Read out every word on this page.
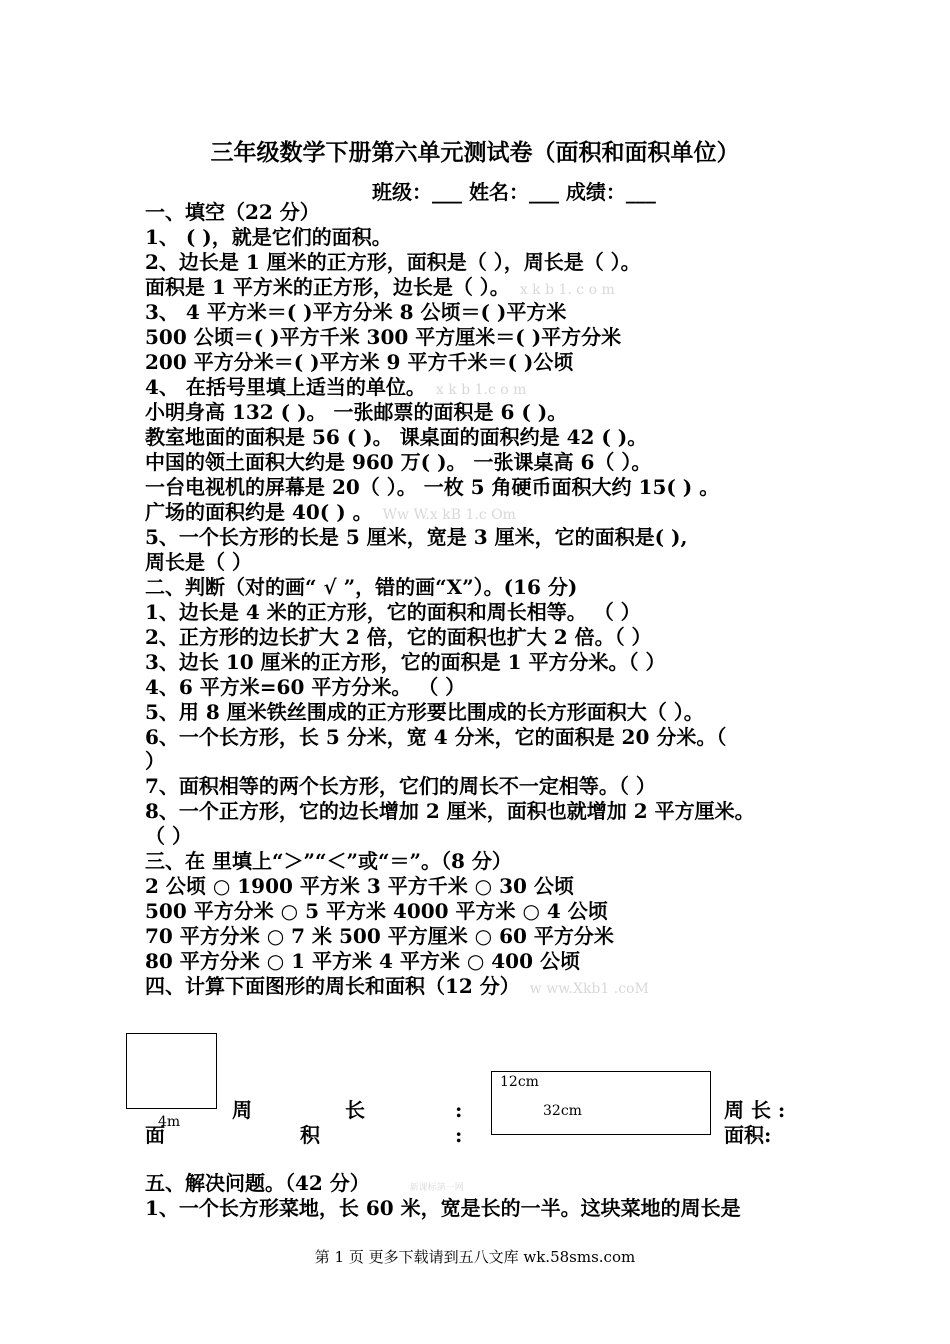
三年级数学下册第六单元测试卷（面积和面积单位）
班级：___ 姓名：___ 成绩：___
一、填空（22 分）
1、 ( )，就是它们的面积。
2、边长是 1 厘米的正方形，面积是（ ），周长是（ ）。
面积是 1 平方米的正方形，边长是（ ）。 x k b 1. c o m
3、 4 平方米＝( )平方分米 8 公顷＝( )平方米
500 公顷＝( )平方千米 300 平方厘米＝( )平方分米
200 平方分米＝( )平方米 9 平方千米＝( )公顷
4、 在括号里填上适当的单位。 x k b 1.c o m
小明身高 132 ( )。 一张邮票的面积是 6 ( )。
教室地面的面积是 56 ( )。 课桌面的面积约是 42 ( )。
中国的领土面积大约是 960 万( )。 一张课桌高 6（ ）。
一台电视机的屏幕是 20（ ）。 一枚 5 角硬币面积大约 15( ) 。
广场的面积约是 40( ) 。 Ww W.x kB 1.c Om
5、一个长方形的长是 5 厘米，宽是 3 厘米，它的面积是( ),
周长是（ ）
二、判断（对的画“ √ ”，错的画“X”）。(16 分)
1、边长是 4 米的正方形，它的面积和周长相等。 （ ）
2、正方形的边长扩大 2 倍，它的面积也扩大 2 倍。（ ）
3、边长 10 厘米的正方形，它的面积是 1 平方分米。（ ）
4、6 平方米=60 平方分米。 （ ）
5、用 8 厘米铁丝围成的正方形要比围成的长方形面积大（ ）。
6、一个长方形，长 5 分米，宽 4 分米，它的面积是 20 分米。（
）
7、面积相等的两个长方形，它们的周长不一定相等。（ ）
8、一个正方形，它的边长增加 2 厘米，面积也就增加 2 平方厘米。
（ ）
三、在 里填上“＞”“＜”或“＝”。（8 分）
2 公顷 ○ 1900 平方米 3 平方千米 ○ 30 公顷
500 平方分米 ○ 5 平方米 4000 平方米 ○ 4 公顷
70 平方分米 ○ 7 米 500 平方厘米 ○ 60 平方分米
80 平方分米 ○ 1 平方米 4 平方米 ○ 400 公顷
四、计算下面图形的周长和面积（12 分） w ww.Xkb1 .coM
4m	周	长	:
面	积	:
12cm
32cm	周 长 :
面积:
五、解决问题。（42 分）	新课标第一网
1、一个长方形菜地，长 60 米，宽是长的一半。这块菜地的周长是
第 1 页 更多下载请到五八文库 wk.58sms.com
